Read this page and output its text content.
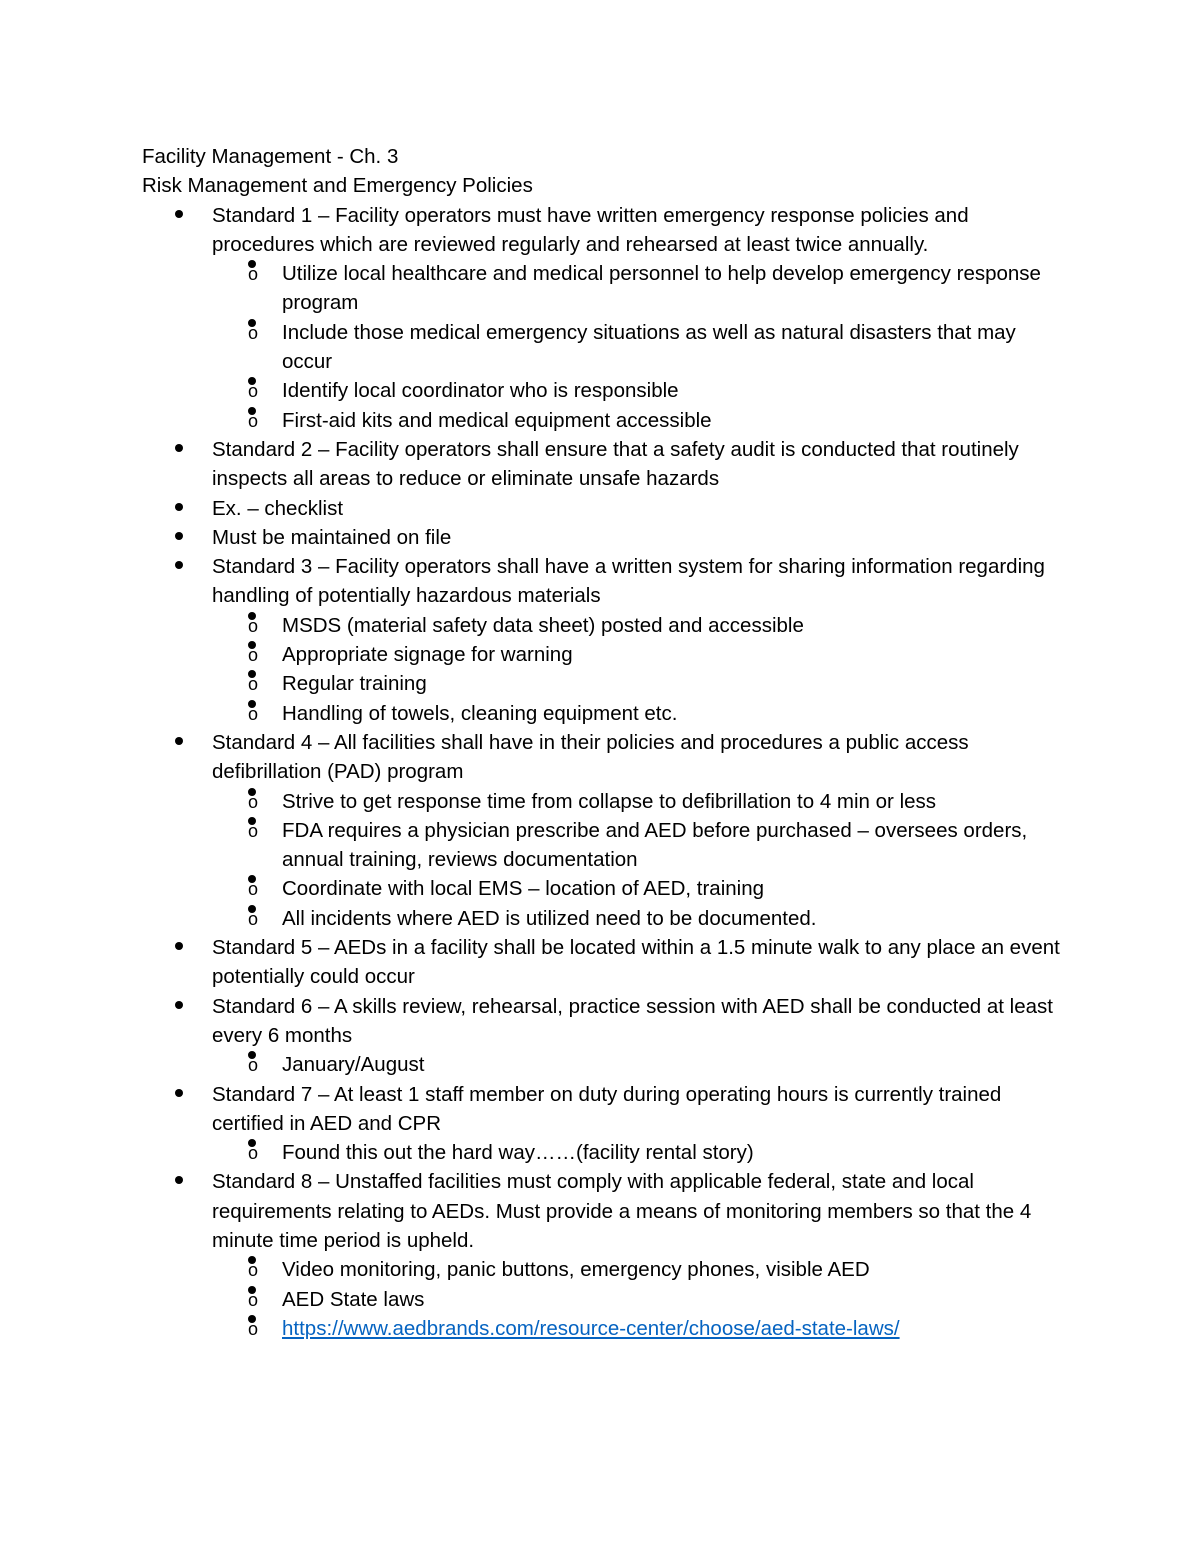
Facility Management - Ch. 3
Risk Management and Emergency Policies
Standard 1 – Facility operators must have written emergency response policies and procedures which are reviewed regularly and rehearsed at least twice annually.
o Utilize local healthcare and medical personnel to help develop emergency response program
o Include those medical emergency situations as well as natural disasters that may occur
o Identify local coordinator who is responsible
o First-aid kits and medical equipment accessible
Standard 2 – Facility operators shall ensure that a safety audit is conducted that routinely inspects all areas to reduce or eliminate unsafe hazards
Ex. – checklist
Must be maintained on file
Standard 3 – Facility operators shall have a written system for sharing information regarding handling of potentially hazardous materials
o MSDS (material safety data sheet) posted and accessible
o Appropriate signage for warning
o Regular training
o Handling of towels, cleaning equipment etc.
Standard 4 – All facilities shall have in their policies and procedures a public access defibrillation (PAD) program
o Strive to get response time from collapse to defibrillation to 4 min or less
o FDA requires a physician prescribe and AED before purchased – oversees orders, annual training, reviews documentation
o Coordinate with local EMS – location of AED, training
o All incidents where AED is utilized need to be documented.
Standard 5 – AEDs in a facility shall be located within a 1.5 minute walk to any place an event potentially could occur
Standard 6 – A skills review, rehearsal, practice session with AED shall be conducted at least every 6 months
o January/August
Standard 7 – At least 1 staff member on duty during operating hours is currently trained certified in AED and CPR
o Found this out the hard way……(facility rental story)
Standard 8 – Unstaffed facilities must comply with applicable federal, state and local requirements relating to AEDs. Must provide a means of monitoring members so that the 4 minute time period is upheld.
o Video monitoring, panic buttons, emergency phones, visible AED
o AED State laws
o https://www.aedbrands.com/resource-center/choose/aed-state-laws/
